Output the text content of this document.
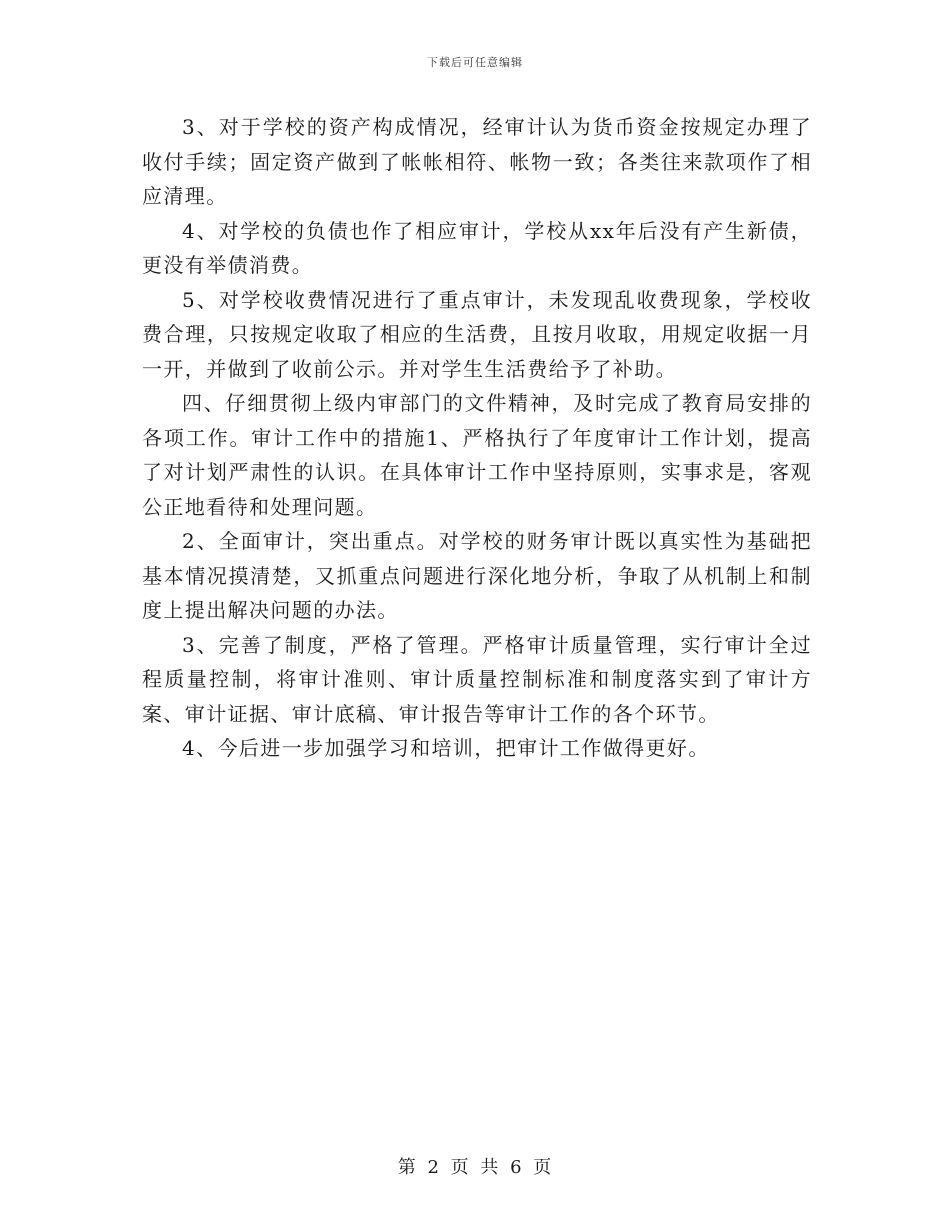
下载后可任意编辑

3、对于学校的资产构成情况，经审计认为货币资金按规定办理了收付手续；固定资产做到了帐帐相符、帐物一致；各类往来款项作了相应清理。

4、对学校的负债也作了相应审计，学校从xx年后没有产生新债，更没有举债消费。

5、对学校收费情况进行了重点审计，未发现乱收费现象，学校收费合理，只按规定收取了相应的生活费，且按月收取，用规定收据一月一开，并做到了收前公示。并对学生生活费给予了补助。

四、仔细贯彻上级内审部门的文件精神，及时完成了教育局安排的各项工作。审计工作中的措施1、严格执行了年度审计工作计划，提高了对计划严肃性的认识。在具体审计工作中坚持原则，实事求是，客观公正地看待和处理问题。

2、全面审计，突出重点。对学校的财务审计既以真实性为基础把基本情况摸清楚，又抓重点问题进行深化地分析，争取了从机制上和制度上提出解决问题的办法。

3、完善了制度，严格了管理。严格审计质量管理，实行审计全过程质量控制，将审计准则、审计质量控制标准和制度落实到了审计方案、审计证据、审计底稿、审计报告等审计工作的各个环节。

4、今后进一步加强学习和培训，把审计工作做得更好。

第 2 页 共 6 页
